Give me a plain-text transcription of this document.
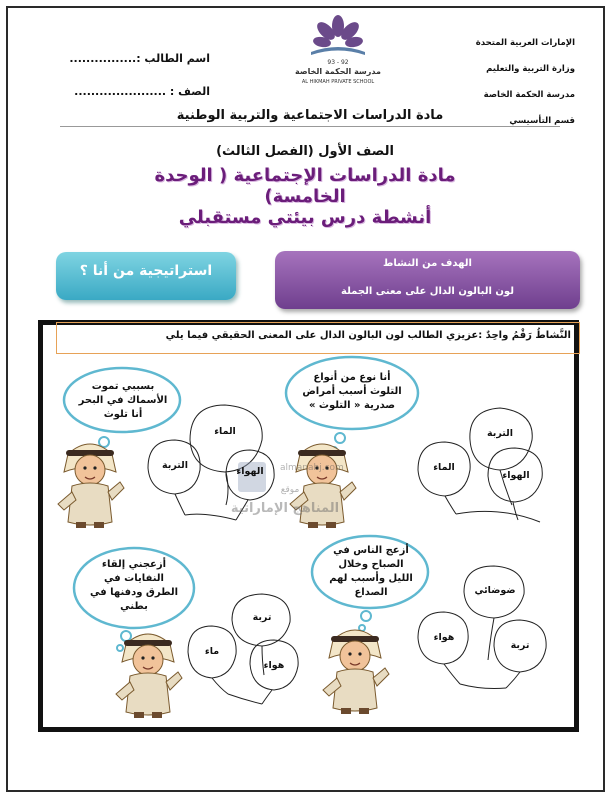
الإمارات العربية المتحدة
وزارة التربية والتعليم
مدرسة الحكمة الخاصة
قسم التأسيسي
اسم الطالب :................
الصف : ......................
93 - 92
مدرسة الحكمة الخاصة
AL HIKMAH PRIVATE SCHOOL
مادة الدراسات الاجتماعية والتربية الوطنية
الصف الأول (الفصل الثالث)
مادة الدراسات الإجتماعية ( الوحدة الخامسة)
أنشطة درس بيئتي مستقبلي
استراتيجية من أنا ؟	الهدف من النشاط
لون البالون الدال على معنى الجملة
النَّشاطُ رَقْمُ واحِدٌ :عزيزي الطالب لون البالون الدال على المعنى الحقيقي فيما يلي
almanahj.com
موقع
المناهج الإماراتية
بسببي تموت
الأسماك في البحر
أنا تلوث
أنا نوع من أنواع
التلوث أسبب أمراض
صدرية « التلوث »
أزعجني إلقاء
النفايات في
الطرق ودفنها في
بطني
أزعج الناس في
الصباح وخلال
الليل وأسبب لهم
الصداع
الماء
التربة
الهواء
التربة
الماء
الهواء
تربة
ماء
هواء
ضوضائي
هواء
تربة
